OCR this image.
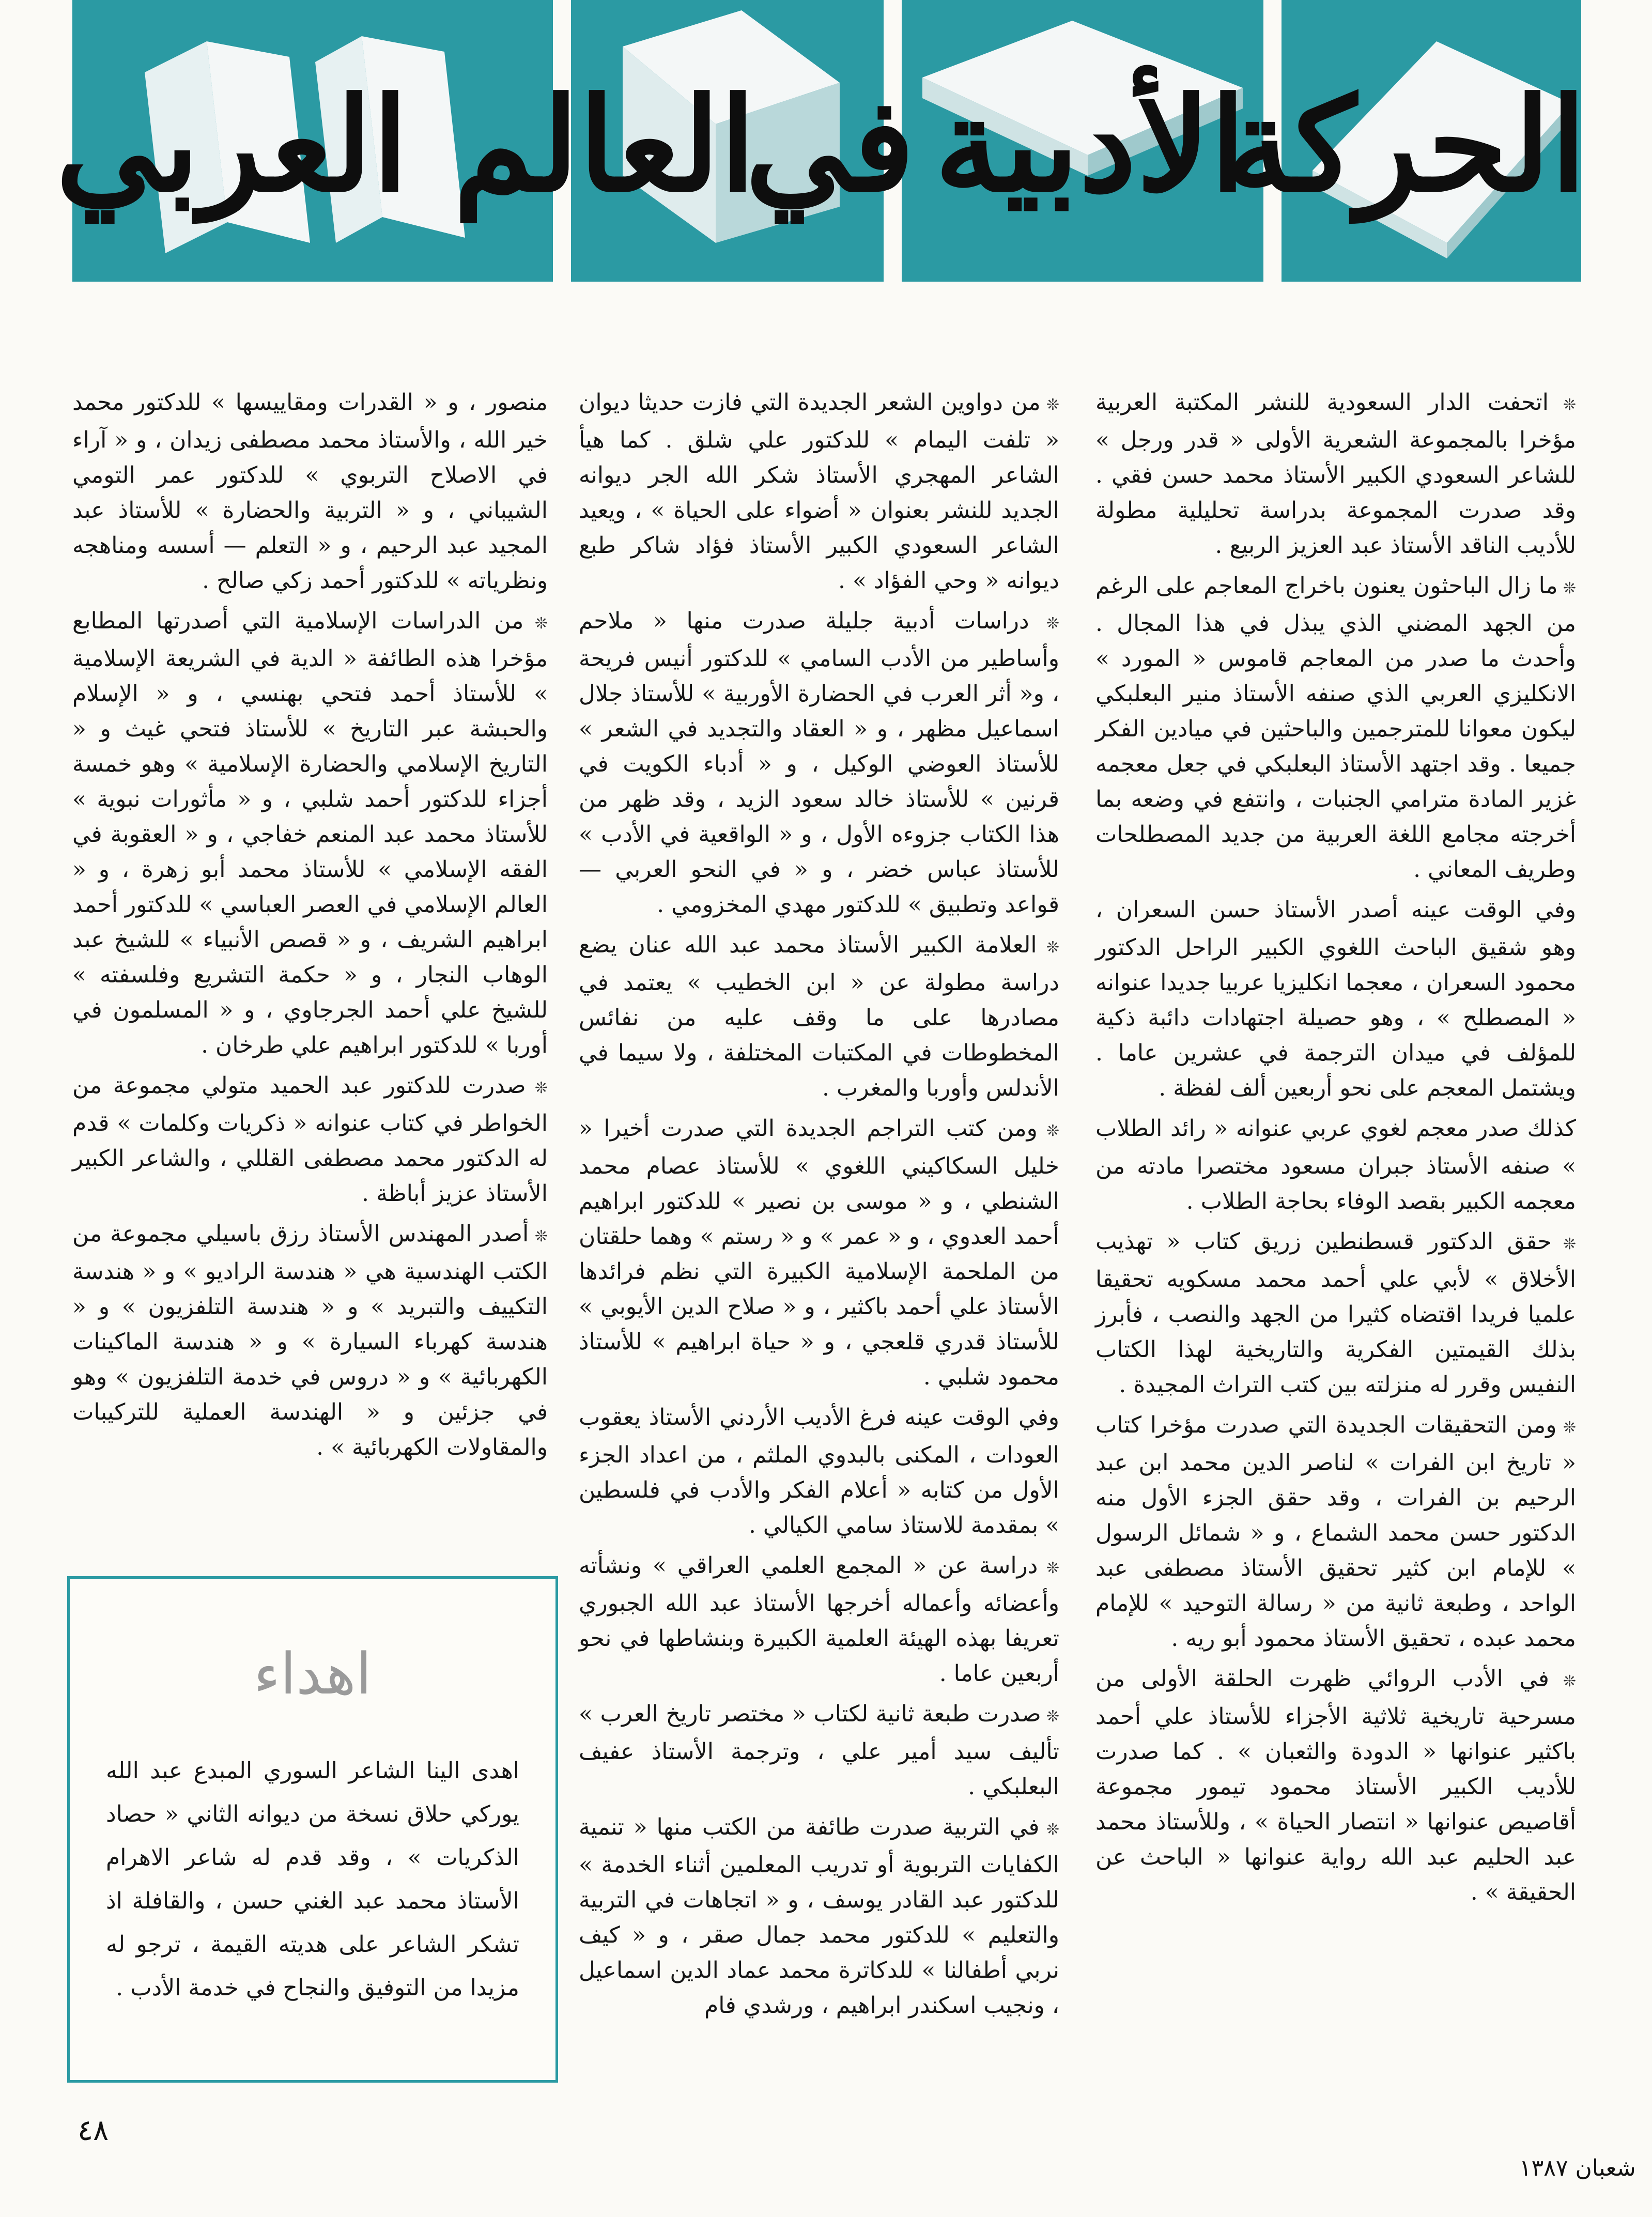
الحركة
الأدبية
في
العالم
العربي

❊ اتحفت الدار السعودية للنشر المكتبة العربية مؤخرا بالمجموعة الشعرية الأولى « قدر ورجل » للشاعر السعودي الكبير الأستاذ محمد حسن فقي . وقد صدرت المجموعة بدراسة تحليلية مطولة للأديب الناقد الأستاذ عبد العزيز الربيع .

❊ ما زال الباحثون يعنون باخراج المعاجم على الرغم من الجهد المضني الذي يبذل في هذا المجال . وأحدث ما صدر من المعاجم قاموس « المورد » الانكليزي العربي الذي صنفه الأستاذ منير البعلبكي ليكون معوانا للمترجمين والباحثين في ميادين الفكر جميعا . وقد اجتهد الأستاذ البعلبكي في جعل معجمه غزير المادة مترامي الجنبات ، وانتفع في وضعه بما أخرجته مجامع اللغة العربية من جديد المصطلحات وطريف المعاني .

وفي الوقت عينه أصدر الأستاذ حسن السعران ، وهو شقيق الباحث اللغوي الكبير الراحل الدكتور محمود السعران ، معجما انكليزيا عربيا جديدا عنوانه « المصطلح » ، وهو حصيلة اجتهادات دائبة ذكية للمؤلف في ميدان الترجمة في عشرين عاما . ويشتمل المعجم على نحو أربعين ألف لفظة .

كذلك صدر معجم لغوي عربي عنوانه « رائد الطلاب » صنفه الأستاذ جبران مسعود مختصرا مادته من معجمه الكبير بقصد الوفاء بحاجة الطلاب .

❊ حقق الدكتور قسطنطين زريق كتاب « تهذيب الأخلاق » لأبي علي أحمد محمد مسكويه تحقيقا علميا فريدا اقتضاه كثيرا من الجهد والنصب ، فأبرز بذلك القيمتين الفكرية والتاريخية لهذا الكتاب النفيس وقرر له منزلته بين كتب التراث المجيدة .

❊ ومن التحقيقات الجديدة التي صدرت مؤخرا كتاب « تاريخ ابن الفرات » لناصر الدين محمد ابن عبد الرحيم بن الفرات ، وقد حقق الجزء الأول منه الدكتور حسن محمد الشماع ، و « شمائل الرسول » للإمام ابن كثير تحقيق الأستاذ مصطفى عبد الواحد ، وطبعة ثانية من « رسالة التوحيد » للإمام محمد عبده ، تحقيق الأستاذ محمود أبو ريه .

❊ في الأدب الروائي ظهرت الحلقة الأولى من مسرحية تاريخية ثلاثية الأجزاء للأستاذ علي أحمد باكثير عنوانها « الدودة والثعبان » . كما صدرت للأديب الكبير الأستاذ محمود تيمور مجموعة أقاصيص عنوانها « انتصار الحياة » ، وللأستاذ محمد عبد الحليم عبد الله رواية عنوانها « الباحث عن الحقيقة » .

❊ من دواوين الشعر الجديدة التي فازت حديثا ديوان « تلفت اليمام » للدكتور علي شلق . كما هيأ الشاعر المهجري الأستاذ شكر الله الجر ديوانه الجديد للنشر بعنوان « أضواء على الحياة » ، ويعيد الشاعر السعودي الكبير الأستاذ فؤاد شاكر طبع ديوانه « وحي الفؤاد » .

❊ دراسات أدبية جليلة صدرت منها « ملاحم وأساطير من الأدب السامي » للدكتور أنيس فريحة ، و« أثر العرب في الحضارة الأوربية » للأستاذ جلال اسماعيل مظهر ، و « العقاد والتجديد في الشعر » للأستاذ العوضي الوكيل ، و « أدباء الكويت في قرنين » للأستاذ خالد سعود الزيد ، وقد ظهر من هذا الكتاب جزوءه الأول ، و « الواقعية في الأدب » للأستاذ عباس خضر ، و « في النحو العربي — قواعد وتطبيق » للدكتور مهدي المخزومي .

❊ العلامة الكبير الأستاذ محمد عبد الله عنان يضع دراسة مطولة عن « ابن الخطيب » يعتمد في مصادرها على ما وقف عليه من نفائس المخطوطات في المكتبات المختلفة ، ولا سيما في الأندلس وأوربا والمغرب .

❊ ومن كتب التراجم الجديدة التي صدرت أخيرا « خليل السكاكيني اللغوي » للأستاذ عصام محمد الشنطي ، و « موسى بن نصير » للدكتور ابراهيم أحمد العدوي ، و « عمر » و « رستم » وهما حلقتان من الملحمة الإسلامية الكبيرة التي نظم فرائدها الأستاذ علي أحمد باكثير ، و « صلاح الدين الأيوبي » للأستاذ قدري قلعجي ، و « حياة ابراهيم » للأستاذ محمود شلبي .

وفي الوقت عينه فرغ الأديب الأردني الأستاذ يعقوب العودات ، المكنى بالبدوي الملثم ، من اعداد الجزء الأول من كتابه « أعلام الفكر والأدب في فلسطين » بمقدمة للاستاذ سامي الكيالي .

❊ دراسة عن « المجمع العلمي العراقي » ونشأته وأعضائه وأعماله أخرجها الأستاذ عبد الله الجبوري تعريفا بهذه الهيئة العلمية الكبيرة وبنشاطها في نحو أربعين عاما .

❊ صدرت طبعة ثانية لكتاب « مختصر تاريخ العرب » تأليف سيد أمير علي ، وترجمة الأستاذ عفيف البعلبكي .

❊ في التربية صدرت طائفة من الكتب منها « تنمية الكفايات التربوية أو تدريب المعلمين أثناء الخدمة » للدكتور عبد القادر يوسف ، و « اتجاهات في التربية والتعليم » للدكتور محمد جمال صقر ، و « كيف نربي أطفالنا » للدكاترة محمد عماد الدين اسماعيل ، ونجيب اسكندر ابراهيم ، ورشدي فام

منصور ، و « القدرات ومقاييسها » للدكتور محمد خير الله ، والأستاذ محمد مصطفى زيدان ، و « آراء في الاصلاح التربوي » للدكتور عمر التومي الشيباني ، و « التربية والحضارة » للأستاذ عبد المجيد عبد الرحيم ، و « التعلم — أسسه ومناهجه ونظرياته » للدكتور أحمد زكي صالح .

❊ من الدراسات الإسلامية التي أصدرتها المطابع مؤخرا هذه الطائفة « الدية في الشريعة الإسلامية » للأستاذ أحمد فتحي بهنسي ، و « الإسلام والحبشة عبر التاريخ » للأستاذ فتحي غيث و « التاريخ الإسلامي والحضارة الإسلامية » وهو خمسة أجزاء للدكتور أحمد شلبي ، و « مأثورات نبوية » للأستاذ محمد عبد المنعم خفاجي ، و « العقوبة في الفقه الإسلامي » للأستاذ محمد أبو زهرة ، و « العالم الإسلامي في العصر العباسي » للدكتور أحمد ابراهيم الشريف ، و « قصص الأنبياء » للشيخ عبد الوهاب النجار ، و « حكمة التشريع وفلسفته » للشيخ علي أحمد الجرجاوي ، و « المسلمون في أوربا » للدكتور ابراهيم علي طرخان .

❊ صدرت للدكتور عبد الحميد متولي مجموعة من الخواطر في كتاب عنوانه « ذكريات وكلمات » قدم له الدكتور محمد مصطفى القللي ، والشاعر الكبير الأستاذ عزيز أباظة .

❊ أصدر المهندس الأستاذ رزق باسيلي مجموعة من الكتب الهندسية هي « هندسة الراديو » و « هندسة التكييف والتبريد » و « هندسة التلفزيون » و « هندسة كهرباء السيارة » و « هندسة الماكينات الكهربائية » و « دروس في خدمة التلفزيون » وهو في جزئين و « الهندسة العملية للتركيبات والمقاولات الكهربائية » .

اهداء
اهدى الينا الشاعر السوري المبدع عبد الله يوركي حلاق نسخة من ديوانه الثاني « حصاد الذكريات » ، وقد قدم له شاعر الاهرام الأستاذ محمد عبد الغني حسن ، والقافلة اذ تشكر الشاعر على هديته القيمة ، ترجو له مزيدا من التوفيق والنجاح في خدمة الأدب .
٤٨
شعبان ١٣٨٧
